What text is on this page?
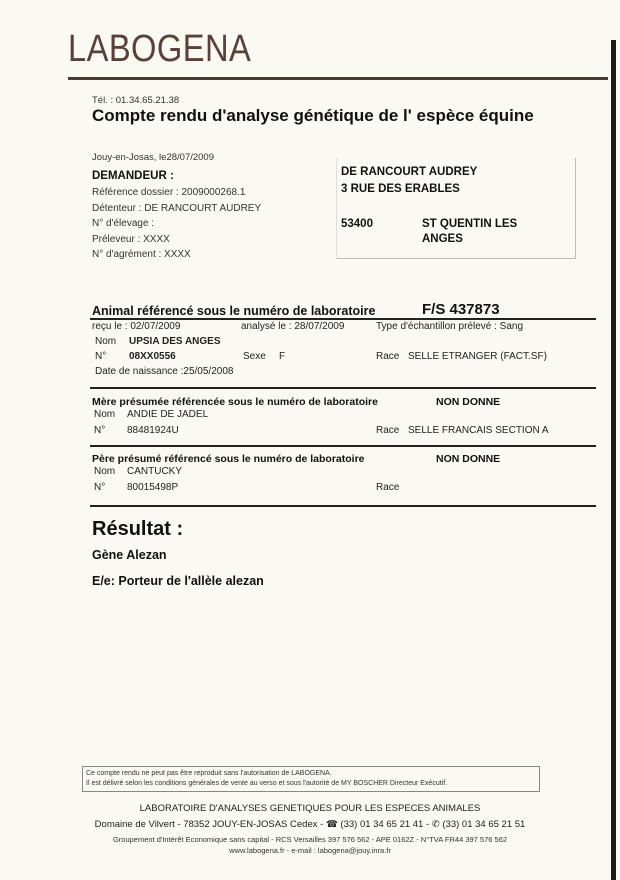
LABOGENA
Tél. : 01.34.65.21.38
Compte rendu d'analyse génétique de l' espèce équine
Jouy-en-Josas, le28/07/2009
DEMANDEUR :
Référence dossier : 2009000268.1
Détenteur : DE RANCOURT AUDREY
N° d'élevage :
Préleveur : XXXX
N° d'agrément : XXXX
DE RANCOURT AUDREY
3 RUE DES ERABLES
53400	ST QUENTIN LES
ANGES
Animal référencé sous le numéro de laboratoire	F/S 437873
reçu le : 02/07/2009	analysé le : 28/07/2009	Type d'échantillon prélevé : Sang
Nom UPSIA DES ANGES
N° 08XX0556	Sexe F	Race SELLE ETRANGER (FACT.SF)
Date de naissance :25/05/2008
Mère présumée référencée sous le numéro de laboratoire	NON DONNE
Nom ANDIE DE JADEL
N° 88481924U	Race SELLE FRANCAIS SECTION A
Père présumé référencé sous le numéro de laboratoire	NON DONNE
Nom CANTUCKY
N° 80015498P	Race
Résultat :
Gène Alezan
E/e: Porteur de l'allèle alezan
Ce compte rendu ne peut pas être reproduit sans l'autorisation de LABOGENA.
Il est délivré selon les conditions générales de vente au verso et sous l'autorité de MY BOSCHER Directeur Exécutif.
LABORATOIRE D'ANALYSES GENETIQUES POUR LES ESPECES ANIMALES
Domaine de Vilvert - 78352 JOUY-EN-JOSAS Cedex - ☎ (33) 01 34 65 21 41 - ✆ (33) 01 34 65 21 51
Groupement d'Intérêt Economique sans capital - RCS Versailles 397 576 562 - APE 0162Z - N°TVA FR44 397 576 562
www.labogena.fr - e-mail : labogena@jouy.inra.fr
